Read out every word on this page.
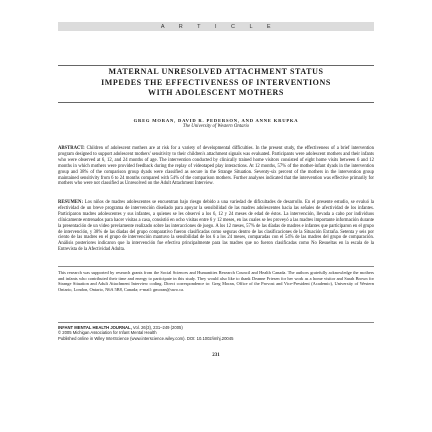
A R T I C L E
MATERNAL UNRESOLVED ATTACHMENT STATUS
IMPEDES THE EFFECTIVENESS OF INTERVENTIONS
WITH ADOLESCENT MOTHERS
GREG MORAN, DAVID R. PEDERSON, AND ANNE KRUPKA
The University of Western Ontario

ABSTRACT: Children of adolescent mothers are at risk for a variety of developmental difficulties. In the present study, the effectiveness of a brief intervention program designed to support adolescent mothers' sensitivity to their children's attachment signals was evaluated. Participants were adolescent mothers and their infants who were observed at 6, 12, and 24 months of age. The intervention conducted by clinically trained home visitors consisted of eight home visits between 6 and 12 months in which mothers were provided feedback during the replay of videotaped play interactions. At 12 months, 57% of the mother-infant dyads in the intervention group and 38% of the comparison group dyads were classified as secure in the Strange Situation. Seventy-six percent of the mothers in the intervention group maintained sensitivity from 6 to 24 months compared with 54% of the comparison mothers. Further analyses indicated that the intervention was effective primarily for mothers who were not classified as Unresolved on the Adult Attachment Interview.

RESUMEN: Los niños de madres adolescentes se encuentran bajo riesgo debido a una variedad de dificultades de desarrollo. En el presente estudio, se evaluó la efectividad de un breve programa de intervención diseñado para apoyar la sensibilidad de las madres adolescentes hacia las señales de afectividad de los infantes. Participaron madres adolescentes y sus infantes, a quienes se les observó a los 6, 12 y 24 meses de edad de éstos. La intervención, llevada a cabo por individuos clínicamente entrenados para hacer visitas a casa, consistió en ocho visitas entre 6 y 12 meses, en las cuales se les proveyó a las madres importante información durante la presentación de un video previamente realizado sobre las interacciones de juego. A los 12 meses, 57% de las díadas de madres e infantes que participaron en el grupo de intervención, y 38% de las díadas del grupo comparativo fueron clasificadas como seguras dentro de las clasificaciones de la Situación Extraña. Setenta y seis por ciento de las madres en el grupo de intervención mantuvo la sensibilidad de los 6 a los 24 meses, comparadas con el 54% de las madres del grupo de comparación. Análisis posteriores indicaron que la intervención fue efectiva principalmente para las madres que no fueron clasificadas como No Resueltas en la escala de la Entrevista de la Afectividad Adulta.

This research was supported by research grants from the Social Sciences and Humanities Research Council and Health Canada. The authors gratefully acknowledge the mothers and infants who contributed their time and energy to participate in this study. They would also like to thank Deanne Friesen for her work as a home visitor and Sarah Brown for Strange Situation and Adult Attachment Interview coding. Direct correspondence to: Greg Moran, Office of the Provost and Vice-President (Academic), University of Western Ontario, London, Ontario, N6A 5B8, Canada; e-mail: gmoran@uwo.ca.

INFANT MENTAL HEALTH JOURNAL, Vol. 26(3), 231–249 (2005)
© 2005 Michigan Association for Infant Mental Health
Published online in Wiley InterScience (www.interscience.wiley.com). DOI: 10.1002/imhj.20045
231
